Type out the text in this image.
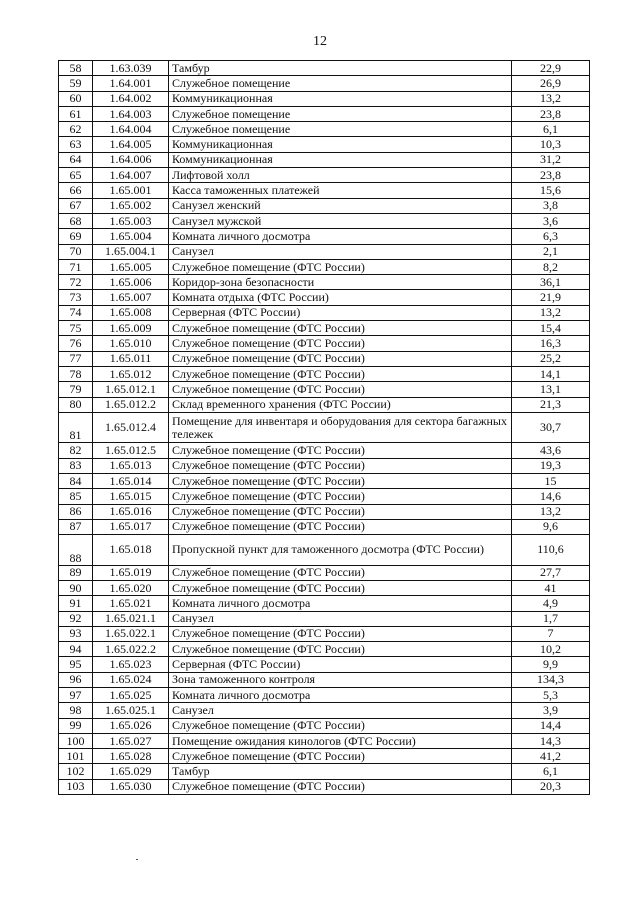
12
58	1.63.039	Тамбур	22,9
59	1.64.001	Служебное помещение	26,9
60	1.64.002	Коммуникационная	13,2
61	1.64.003	Служебное помещение	23,8
62	1.64.004	Служебное помещение	6,1
63	1.64.005	Коммуникационная	10,3
64	1.64.006	Коммуникационная	31,2
65	1.64.007	Лифтовой холл	23,8
66	1.65.001	Касса таможенных платежей	15,6
67	1.65.002	Санузел женский	3,8
68	1.65.003	Санузел мужской	3,6
69	1.65.004	Комната личного досмотра	6,3
70	1.65.004.1	Санузел	2,1
71	1.65.005	Служебное помещение (ФТС России)	8,2
72	1.65.006	Коридор-зона безопасности	36,1
73	1.65.007	Комната отдыха (ФТС России)	21,9
74	1.65.008	Серверная (ФТС России)	13,2
75	1.65.009	Служебное помещение (ФТС России)	15,4
76	1.65.010	Служебное помещение (ФТС России)	16,3
77	1.65.011	Служебное помещение (ФТС России)	25,2
78	1.65.012	Служебное помещение (ФТС России)	14,1
79	1.65.012.1	Служебное помещение (ФТС России)	13,1
80	1.65.012.2	Склад временного хранения (ФТС России)	21,3
81	1.65.012.4	Помещение для инвентаря и оборудования для сектора багажных тележек	30,7
82	1.65.012.5	Служебное помещение (ФТС России)	43,6
83	1.65.013	Служебное помещение (ФТС России)	19,3
84	1.65.014	Служебное помещение (ФТС России)	15
85	1.65.015	Служебное помещение (ФТС России)	14,6
86	1.65.016	Служебное помещение (ФТС России)	13,2
87	1.65.017	Служебное помещение (ФТС России)	9,6
88	1.65.018	Пропускной пункт для таможенного досмотра (ФТС России)	110,6
89	1.65.019	Служебное помещение (ФТС России)	27,7
90	1.65.020	Служебное помещение (ФТС России)	41
91	1.65.021	Комната личного досмотра	4,9
92	1.65.021.1	Санузел	1,7
93	1.65.022.1	Служебное помещение (ФТС России)	7
94	1.65.022.2	Служебное помещение (ФТС России)	10,2
95	1.65.023	Серверная (ФТС России)	9,9
96	1.65.024	Зона таможенного контроля	134,3
97	1.65.025	Комната личного досмотра	5,3
98	1.65.025.1	Санузел	3,9
99	1.65.026	Служебное помещение (ФТС России)	14,4
100	1.65.027	Помещение ожидания кинологов (ФТС России)	14,3
101	1.65.028	Служебное помещение (ФТС России)	41,2
102	1.65.029	Тамбур	6,1
103	1.65.030	Служебное помещение (ФТС России)	20,3
